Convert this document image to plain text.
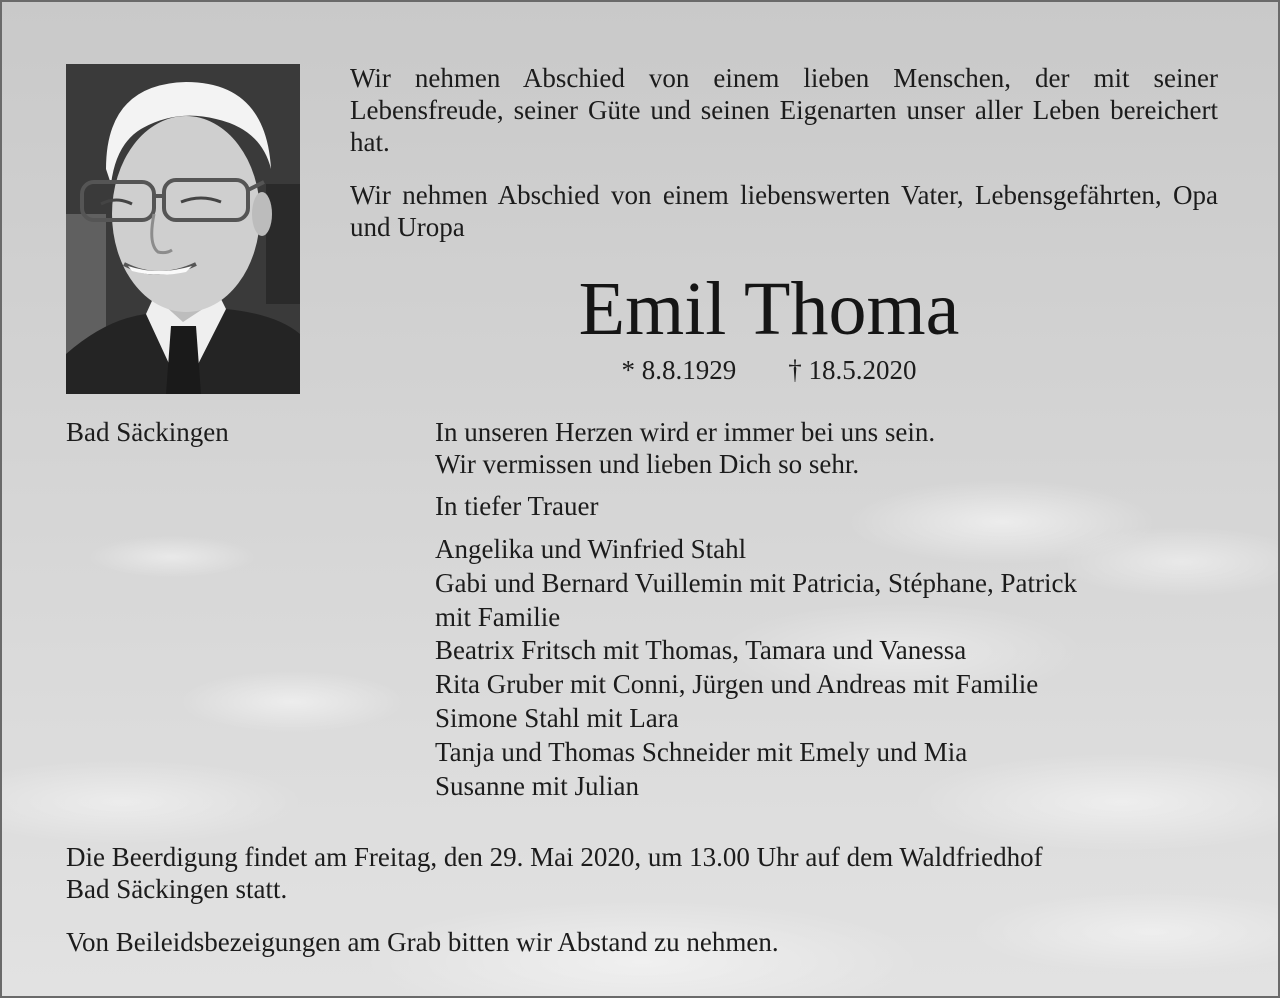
Wir nehmen Abschied von einem lieben Menschen, der mit seiner Lebensfreude, seiner Güte und seinen Eigenarten unser aller Leben bereichert hat.
Wir nehmen Abschied von einem liebenswerten Vater, Lebensgefährten, Opa und Uropa
Emil Thoma
* 8.8.1929 † 18.5.2020
Bad Säckingen	In unseren Herzen wird er immer bei uns sein.
Wir vermissen und lieben Dich so sehr.
In tiefer Trauer
Angelika und Winfried Stahl
Gabi und Bernard Vuillemin mit Patricia, Stéphane, Patrick
mit Familie
Beatrix Fritsch mit Thomas, Tamara und Vanessa
Rita Gruber mit Conni, Jürgen und Andreas mit Familie
Simone Stahl mit Lara
Tanja und Thomas Schneider mit Emely und Mia
Susanne mit Julian
Die Beerdigung findet am Freitag, den 29. Mai 2020, um 13.00 Uhr auf dem Waldfriedhof
Bad Säckingen statt.
Von Beileidsbezeigungen am Grab bitten wir Abstand zu nehmen.
